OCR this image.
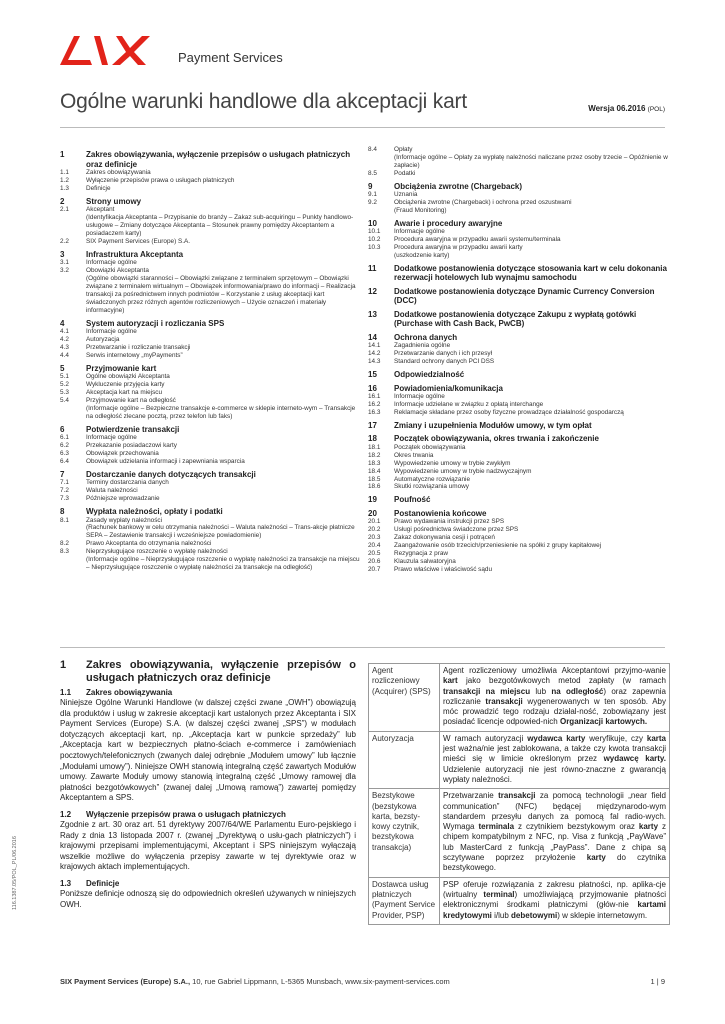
Payment Services
Ogólne warunki handlowe dla akceptacji kart	Wersja 06.2016 (POL)
1	Zakres obowiązywania, wyłączenie przepisów o usługach płatniczych oraz definicje
1.1	Zakres obowiązywania
1.2	Wyłączenie przepisów prawa o usługach płatniczych
1.3	Definicje
2	Strony umowy
2.1	Akceptant
(Identyfikacja Akceptanta – Przypisanie do branży – Zakaz sub-acquiringu – Punkty handlowo-usługowe – Zmiany dotyczące Akceptanta – Stosunek prawny pomiędzy Akceptantem a posiadaczem karty)
2.2	SIX Payment Services (Europe) S.A.
3	Infrastruktura Akceptanta
3.1	Informacje ogólne
3.2	Obowiązki Akceptanta
(Ogólne obowiązki staranności – Obowiązki związane z terminalem sprzętowym – Obowiązki związane z terminalem wirtualnym – Obowiązek informowania/prawo do informacji – Realizacja transakcji za pośrednictwem innych podmiotów – Korzystanie z usług akceptacji kart świadczonych przez różnych agentów rozliczeniowych – Użycie oznaczeń i materiały informacyjne)
4	System autoryzacji i rozliczania SPS
4.1	Informacje ogólne
4.2	Autoryzacja
4.3	Przetwarzanie i rozliczanie transakcji
4.4	Serwis internetowy „myPayments”
5	Przyjmowanie kart
5.1	Ogólne obowiązki Akceptanta
5.2	Wykluczenie przyjęcia karty
5.3	Akceptacja kart na miejscu
5.4	Przyjmowanie kart na odległość
(Informacje ogólne – Bezpieczne transakcje e-commerce w sklepie interneto-wym – Transakcje na odległość zlecane pocztą, przez telefon lub faks)
6	Potwierdzenie transakcji
6.1	Informacje ogólne
6.2	Przekazanie posiadaczowi karty
6.3	Obowiązek przechowania
6.4	Obowiązek udzielania informacji i zapewniania wsparcia
7	Dostarczanie danych dotyczących transakcji
7.1	Terminy dostarczania danych
7.2	Waluta należności
7.3	Późniejsze wprowadzanie
8	Wypłata należności, opłaty i podatki
8.1	Zasady wypłaty należności
(Rachunek bankowy w celu otrzymania należności – Waluta należności – Trans-akcje płatnicze SEPA – Zestawienie transakcji i wcześniejsze powiadomienie)
8.2	Prawo Akceptanta do otrzymania należności
8.3	Nieprzysługujące roszczenie o wypłatę należności
(Informacje ogólne – Nieprzysługujące roszczenie o wypłatę należności za transakcje na miejscu – Nieprzysługujące roszczenie o wypłatę należności za transakcje na odległość)
8.4	Opłaty
(Informacje ogólne – Opłaty za wypłatę należności naliczane przez osoby trzecie – Opóźnienie w zapłacie)
8.5	Podatki
9	Obciążenia zwrotne (Chargeback)
9.1	Uznania
9.2	Obciążenia zwrotne (Chargeback) i ochrona przed oszustwami
(Fraud Monitoring)
10	Awarie i procedury awaryjne
10.1	Informacje ogólne
10.2	Procedura awaryjna w przypadku awarii systemu/terminala
10.3	Procedura awaryjna w przypadku awarii karty
(uszkodzenie karty)
11	Dodatkowe postanowienia dotyczące stosowania kart w celu dokonania rezerwacji hotelowych lub wynajmu samochodu
12	Dodatkowe postanowienia dotyczące Dynamic Currency Conversion (DCC)
13	Dodatkowe postanowienia dotyczące Zakupu z wypłatą gotówki (Purchase with Cash Back, PwCB)
14	Ochrona danych
14.1	Zagadnienia ogólne
14.2	Przetwarzanie danych i ich przesył
14.3	Standard ochrony danych PCI DSS
15	Odpowiedzialność
16	Powiadomienia/komunikacja
16.1	Informacje ogólne
16.2	Informacje udzielane w związku z opłatą interchange
16.3	Reklamacje składane przez osoby fizyczne prowadzące działalność gospodarczą
17	Zmiany i uzupełnienia Modułów umowy, w tym opłat
18	Początek obowiązywania, okres trwania i zakończenie
18.1	Początek obowiązywania
18.2	Okres trwania
18.3	Wypowiedzenie umowy w trybie zwykłym
18.4	Wypowiedzenie umowy w trybie nadzwyczajnym
18.5	Automatyczne rozwiązanie
18.6	Skutki rozwiązania umowy
19	Poufność
20	Postanowienia końcowe
20.1	Prawo wydawania instrukcji przez SPS
20.2	Usługi pośrednictwa świadczone przez SPS
20.3	Zakaz dokonywania cesji i potrąceń
20.4	Zaangażowanie osób trzecich/przeniesienie na spółki z grupy kapitałowej
20.5	Rezygnacja z praw
20.6	Klauzula salwatoryjna
20.7	Prawo właściwe i właściwość sądu
1	Zakres obowiązywania, wyłączenie przepisów o usługach płatniczych oraz definicje
1.1	Zakres obowiązywania

Niniejsze Ogólne Warunki Handlowe (w dalszej części zwane „OWH”) obowiązują dla produktów i usług w zakresie akceptacji kart ustalonych przez Akceptanta i SIX Payment Services (Europe) S.A. (w dalszej części zwanej „SPS”) w modułach dotyczących akceptacji kart, np. „Akceptacja kart w punkcie sprzedaży” lub „Akceptacja kart w bezpiecznych płatno-ściach e-commerce i zamówieniach pocztowych/telefonicznych (zwanych dalej odrębnie „Modułem umowy” lub łącznie „Modułami umowy”). Niniejsze OWH stanowią integralną część zawartych Modułów umowy. Zawarte Moduły umowy stanowią integralną część „Umowy ramowej dla płatności bezgotówkowych” (zwanej dalej „Umową ramową”) zawartej pomiędzy Akceptantem a SPS.

1.2	Wyłączenie przepisów prawa o usługach płatniczych

Zgodnie z art. 30 oraz art. 51 dyrektywy 2007/64/WE Parlamentu Euro-pejskiego i Rady z dnia 13 listopada 2007 r. (zwanej „Dyrektywą o usłu-gach płatniczych”) i krajowymi przepisami implementującymi, Akceptant i SPS niniejszym wyłączają wszelkie możliwe do wyłączenia przepisy zawarte w tej dyrektywie oraz w krajowych aktach implementujących.

1.3	Definicje

Poniższe definicje odnoszą się do odpowiednich określeń używanych w niniejszych OWH.

Agent rozliczeniowy (Acquirer) (SPS)	Agent rozliczeniowy umożliwia Akceptantowi przyjmo-wanie kart jako bezgotówkowych metod zapłaty (w ramach transakcji na miejscu lub na odległość) oraz zapewnia rozliczanie transakcji wygenerowanych w ten sposób. Aby móc prowadzić tego rodzaju działal-ność, zobowiązany jest posiadać licencje odpowied-nich Organizacji kartowych.
Autoryzacja	W ramach autoryzacji wydawca karty weryfikuje, czy karta jest ważna/nie jest zablokowana, a także czy kwota transakcji mieści się w limicie określonym przez wydawcę karty. Udzielenie autoryzacji nie jest równo-znaczne z gwarancją wypłaty należności.
Bezstykowe (bezstykowa karta, bezsty-kowy czytnik, bezstykowa transakcja)	Przetwarzanie transakcji za pomocą technologii „near field communication” (NFC) będącej międzynarodo-wym standardem przesyłu danych za pomocą fal radio-wych. Wymaga terminala z czytnikiem bezstykowym oraz karty z chipem kompatybilnym z NFC, np. Visa z funkcją „PayWave” lub MasterCard z funkcją „PayPass”. Dane z chipa są sczytywane poprzez przyłożenie karty do czytnika bezstykowego.
Dostawca usług płatniczych (Payment Service Provider, PSP)	PSP oferuje rozwiązania z zakresu płatności, np. aplika-cje (wirtualny terminal) umożliwiającą przyjmowanie płatności elektronicznymi środkami płatniczymi (głów-nie kartami kredytowymi i/lub debetowymi) w sklepie internetowym.
SIX Payment Services (Europe) S.A., 10, rue Gabriel Lippmann, L-5365 Munsbach, www.six-payment-services.com	1 | 9
116.1387.05/POL_PL/06.2016
